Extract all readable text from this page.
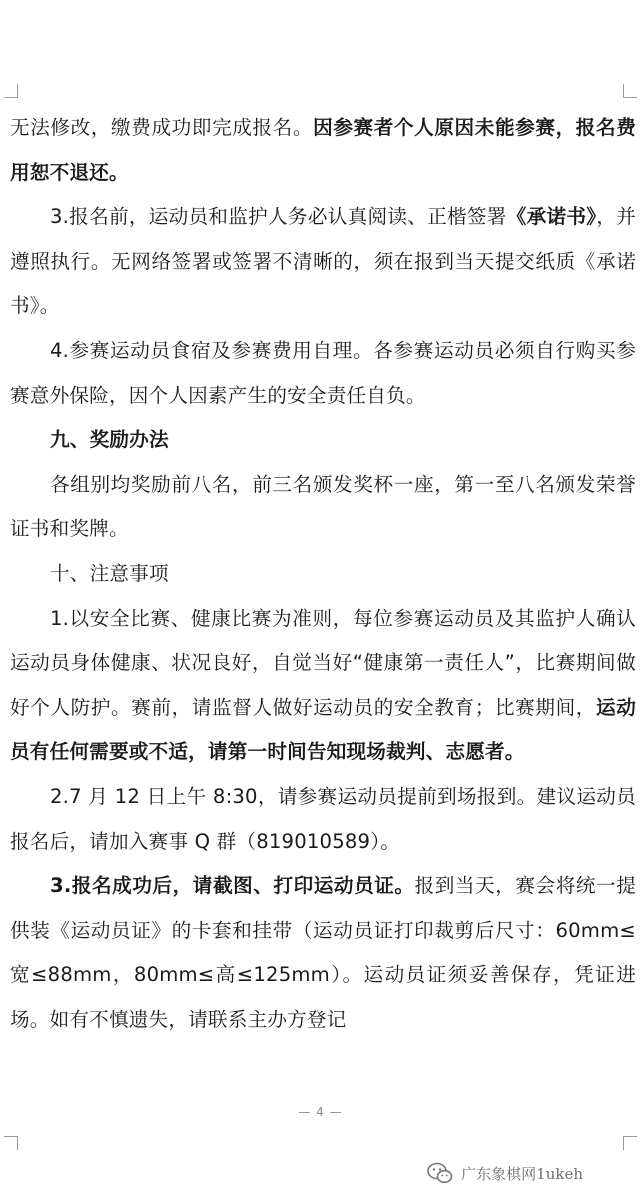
无法修改，缴费成功即完成报名。因参赛者个人原因未能参赛，报名费用恕不退还。

3.报名前，运动员和监护人务必认真阅读、正楷签署《承诺书》，并遵照执行。无网络签署或签署不清晰的，须在报到当天提交纸质《承诺书》。

4.参赛运动员食宿及参赛费用自理。各参赛运动员必须自行购买参赛意外保险，因个人因素产生的安全责任自负。

九、奖励办法

各组别均奖励前八名，前三名颁发奖杯一座，第一至八名颁发荣誉证书和奖牌。

十、注意事项

1.以安全比赛、健康比赛为准则，每位参赛运动员及其监护人确认运动员身体健康、状况良好，自觉当好“健康第一责任人”，比赛期间做好个人防护。赛前，请监督人做好运动员的安全教育；比赛期间，运动员有任何需要或不适，请第一时间告知现场裁判、志愿者。

2.7 月 12 日上午 8:30，请参赛运动员提前到场报到。建议运动员报名后，请加入赛事 Q 群（819010589）。

3.报名成功后，请截图、打印运动员证。报到当天，赛会将统一提供装《运动员证》的卡套和挂带（运动员证打印裁剪后尺寸：60mm≤宽≤88mm，80mm≤高≤125mm）。运动员证须妥善保存，凭证进场。如有不慎遗失，请联系主办方登记

— 4 —
广东象棋网1ukeh
